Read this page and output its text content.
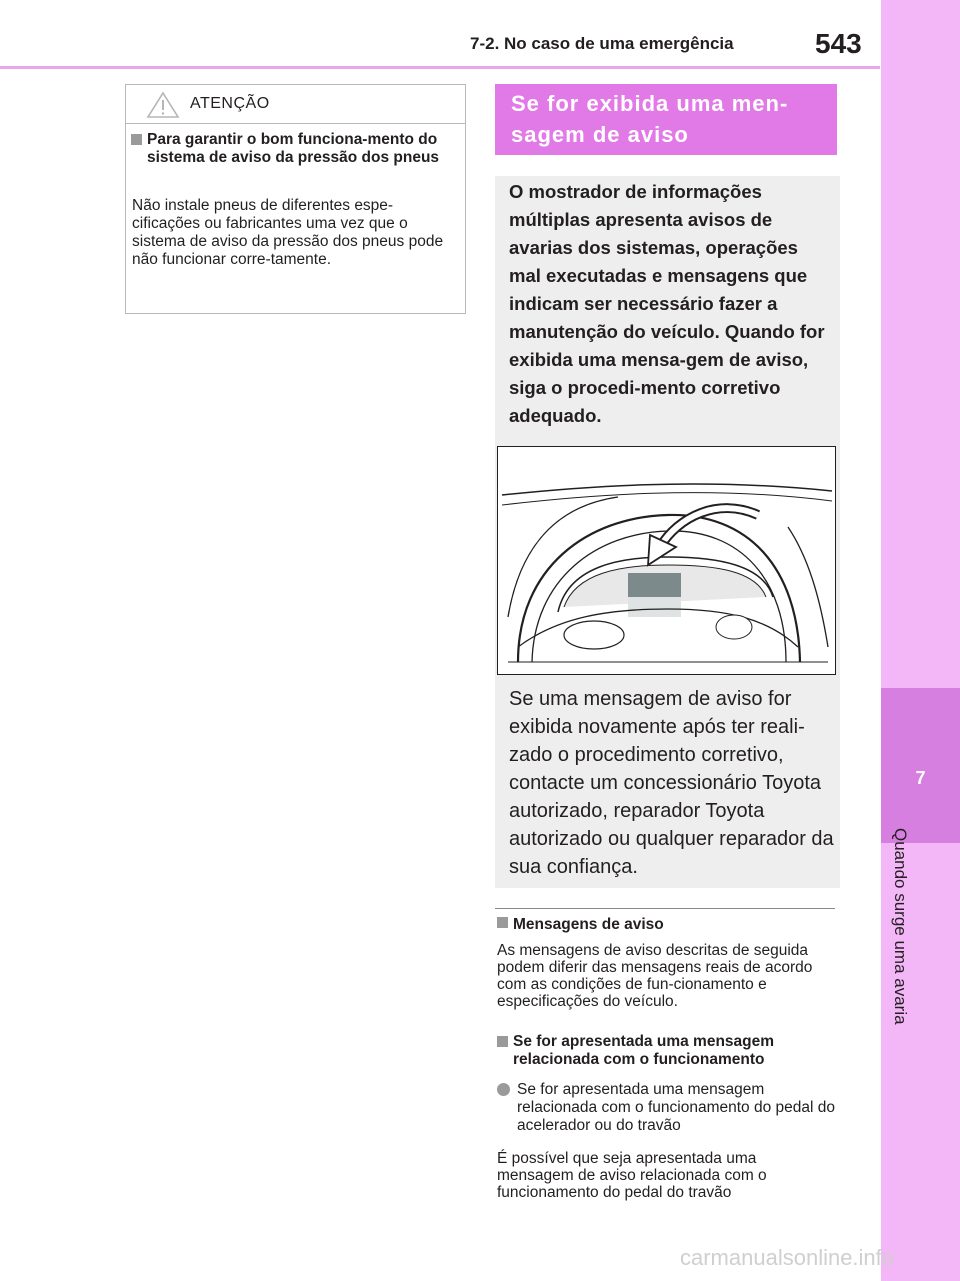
7-2. No caso de uma emergência	543
7
Quando surge uma avaria
ATENÇÃO
Para garantir o bom funciona-mento do sistema de aviso da pressão dos pneus
Não instale pneus de diferentes espe-cificações ou fabricantes uma vez que o sistema de aviso da pressão dos pneus pode não funcionar corre-tamente.
Se for exibida uma men-sagem de aviso
O mostrador de informações múltiplas apresenta avisos de avarias dos sistemas, operações mal executadas e mensagens que indicam ser necessário fazer a manutenção do veículo. Quando for exibida uma mensa-gem de aviso, siga o procedi-mento corretivo adequado.
Se uma mensagem de aviso for exibida novamente após ter reali-zado o procedimento corretivo, contacte um concessionário Toyota autorizado, reparador Toyota autorizado ou qualquer reparador da sua confiança.
Mensagens de aviso
As mensagens de aviso descritas de seguida podem diferir das mensagens reais de acordo com as condições de fun-cionamento e especificações do veículo.
Se for apresentada uma mensagem relacionada com o funcionamento
Se for apresentada uma mensagem relacionada com o funcionamento do pedal do acelerador ou do travão
É possível que seja apresentada uma mensagem de aviso relacionada com o funcionamento do pedal do travão
carmanualsonline.info
